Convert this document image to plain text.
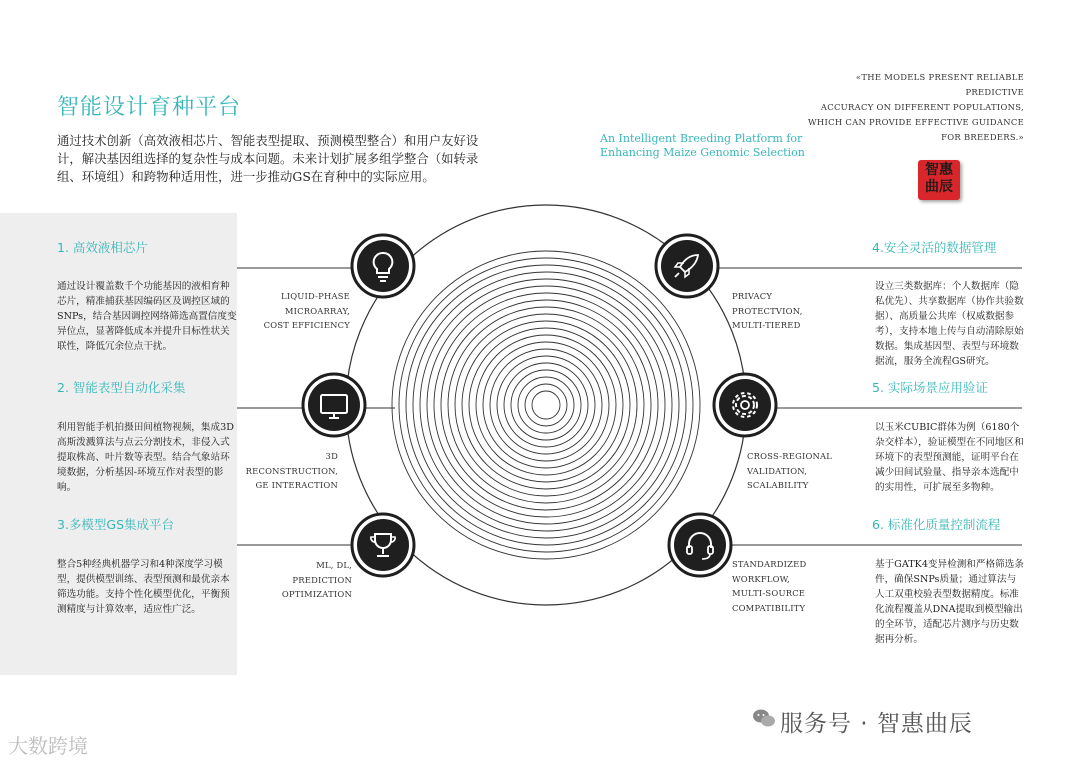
智能设计育种平台
通过技术创新（高效液相芯片、智能表型提取、预测模型整合）和用户友好设计，解决基因组选择的复杂性与成本问题。未来计划扩展多组学整合（如转录组、环境组）和跨物种适用性，进一步推动GS在育种中的实际应用。
«THE MODELS PRESENT RELIABLE PREDICTIVE
ACCURACY ON DIFFERENT POPULATIONS,
WHICH CAN PROVIDE EFFECTIVE GUIDANCE
FOR BREEDERS.»
An Intelligent Breeding Platform for
Enhancing Maize Genomic Selection
智惠
曲辰
1. 高效液相芯片
通过设计覆盖数千个功能基因的液相育种芯片，精准捕获基因编码区及调控区域的SNPs，结合基因调控网络筛选高置信度变异位点，显著降低成本并提升目标性状关联性，降低冗余位点干扰。
2. 智能表型自动化采集
利用智能手机拍摄田间植物视频，集成3D高斯泼溅算法与点云分割技术，非侵入式提取株高、叶片数等表型。结合气象站环境数据，分析基因-环境互作对表型的影响。
3.多模型GS集成平台
整合5种经典机器学习和4种深度学习模型，提供模型训练、表型预测和最优亲本筛选功能。支持个性化模型优化，平衡预测精度与计算效率，适应性广泛。
4.安全灵活的数据管理
设立三类数据库：个人数据库（隐私优先）、共享数据库（协作共验数据）、高质量公共库（权威数据参考），支持本地上传与自动清除原始数据。集成基因型、表型与环境数据流，服务全流程GS研究。
5. 实际场景应用验证
以玉米CUBIC群体为例（6180个杂交样本），验证模型在不同地区和环境下的表型预测能，证明平台在减少田间试验量、指导亲本选配中的实用性，可扩展至多物种。
6. 标准化质量控制流程
基于GATK4变异检测和严格筛选条件，确保SNPs质量；通过算法与人工双重校验表型数据精度。标准化流程覆盖从DNA提取到模型输出的全环节，适配芯片测序与历史数据再分析。
LIQUID-PHASE
MICROARRAY,
COST EFFICIENCY
3D RECONSTRUCTION,
GE INTERACTION
ML, DL,
PREDICTION
OPTIMIZATION
PRIVACY
PROTECTVION,
MULTI-TIERED
CROSS-REGIONAL
VALIDATION,
SCALABILITY
STANDARDIZED
WORKFLOW,
MULTI-SOURCE
COMPATIBILITY
服务号 · 智惠曲辰
大数跨境
